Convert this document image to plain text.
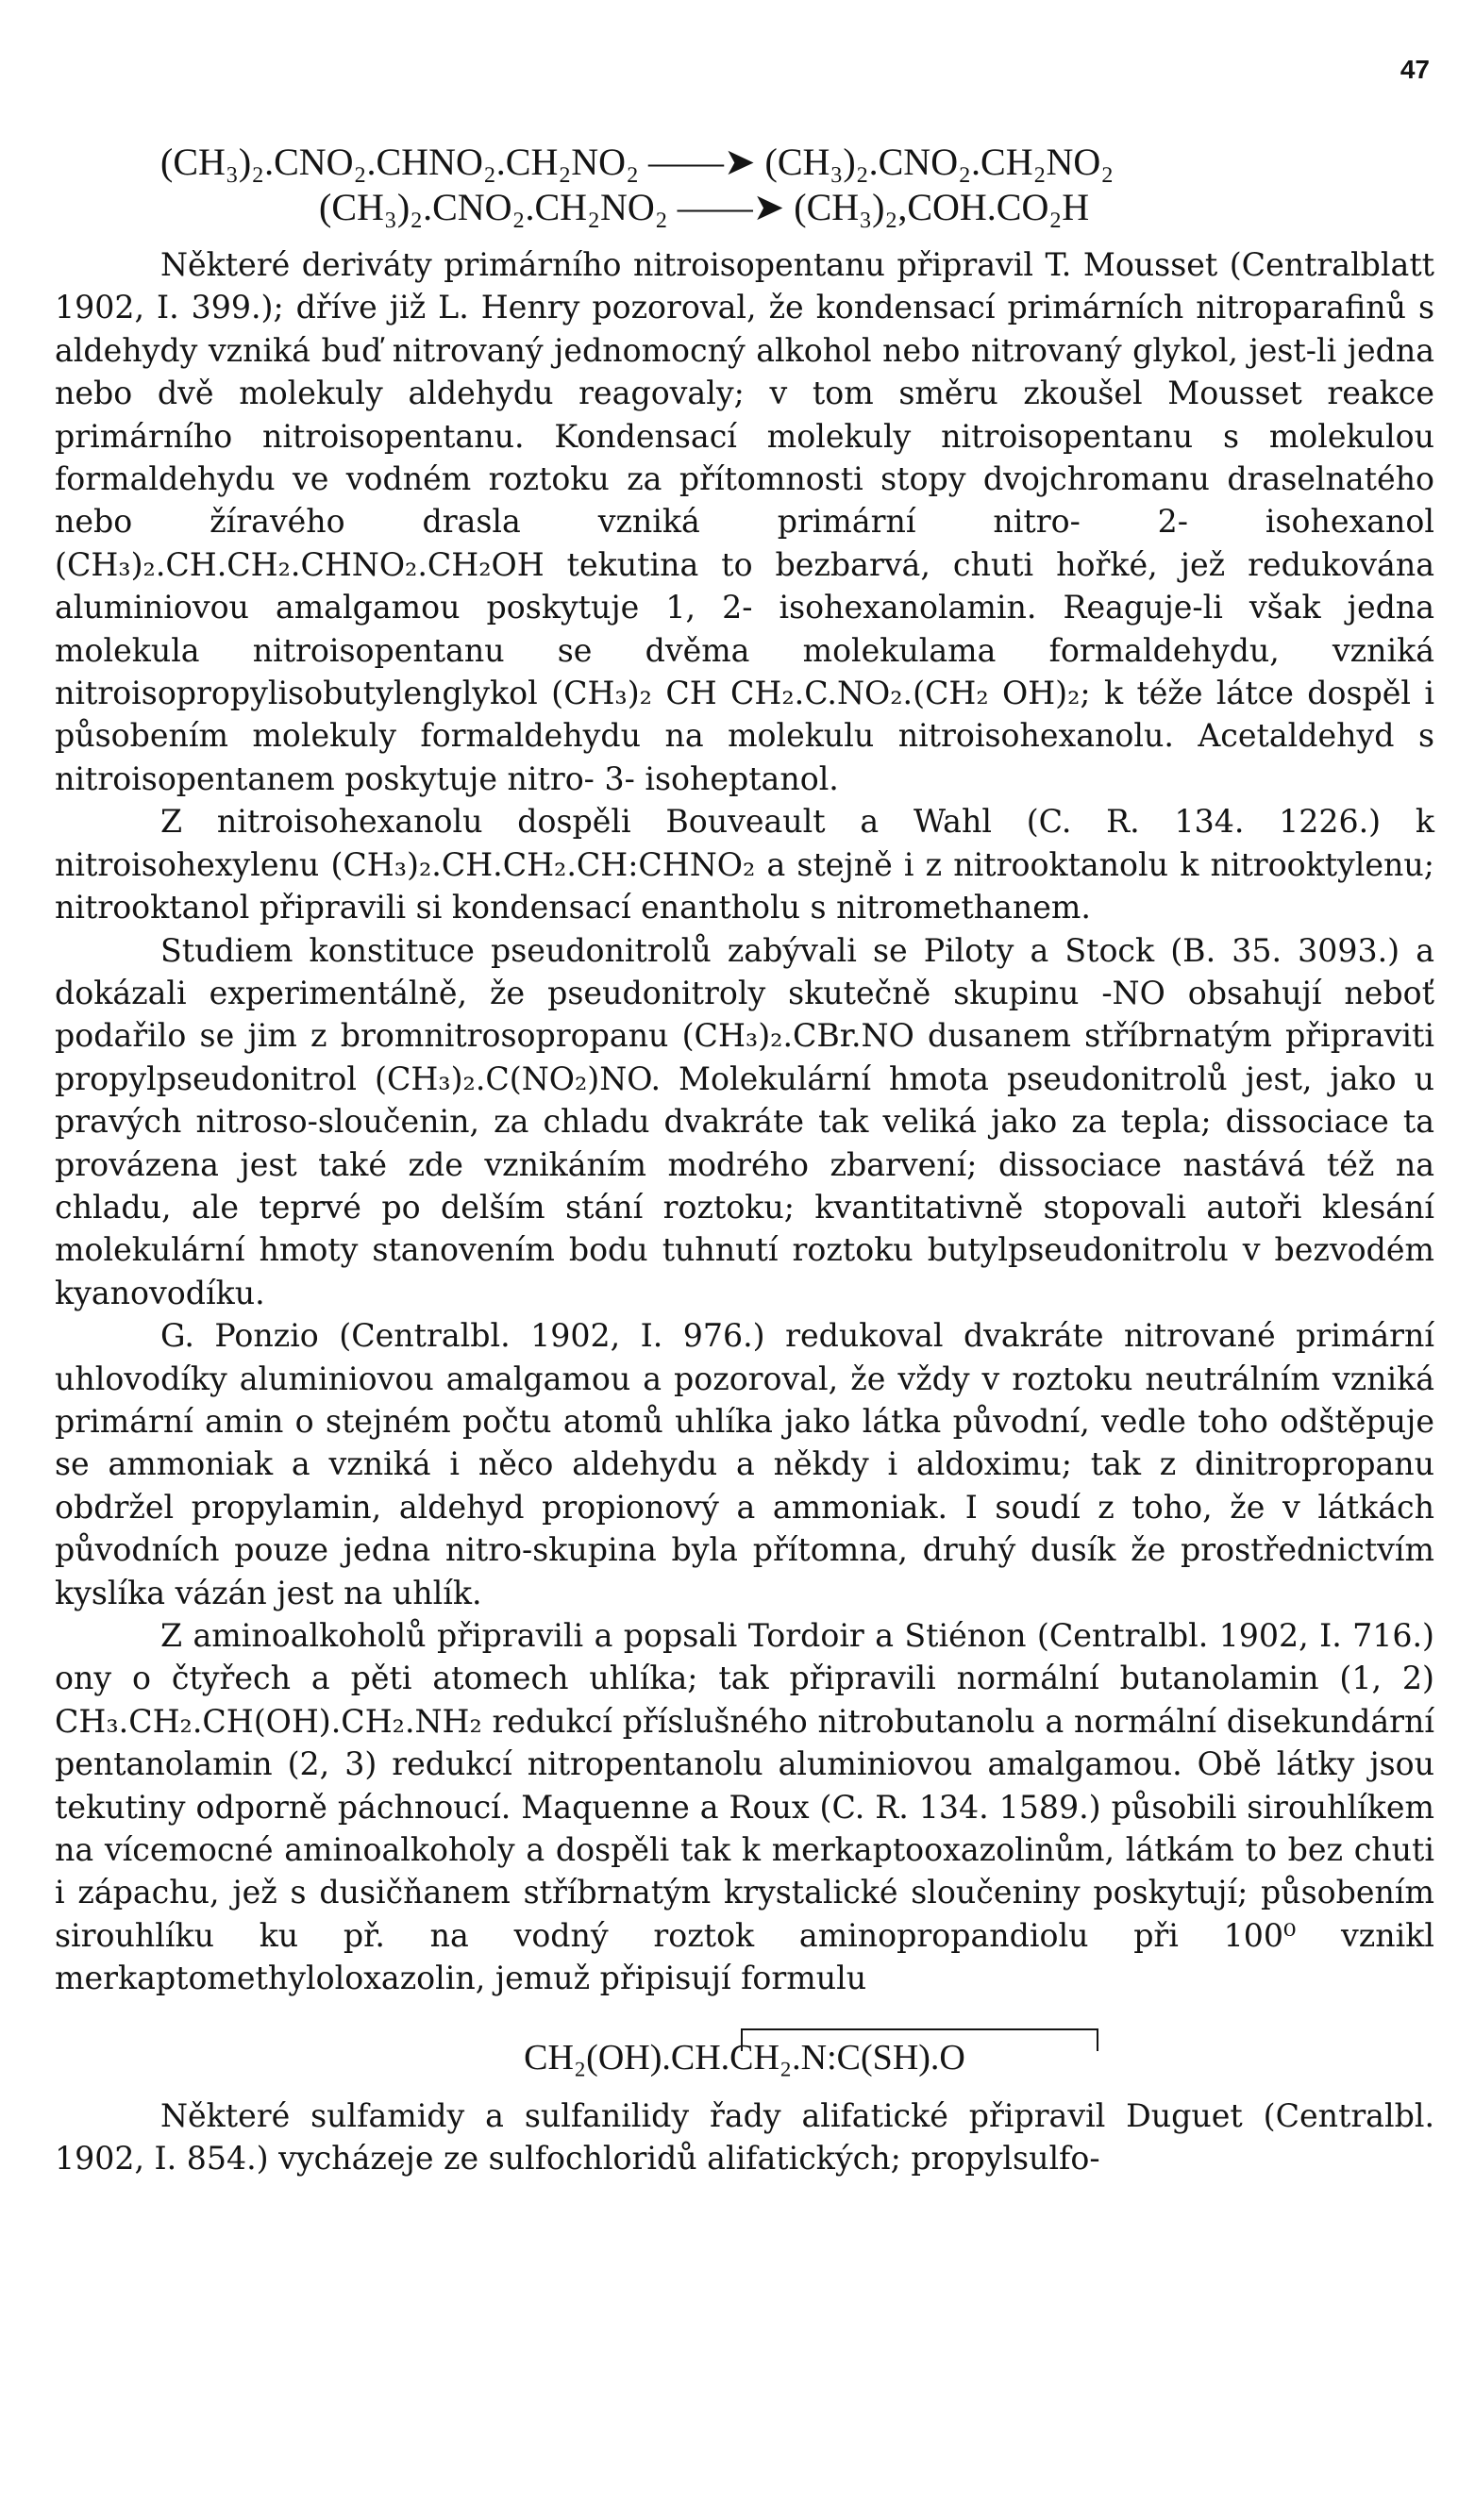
47
(CH₃)₂.CNO₂.CHNO₂.CH₂NO₂ ——➤ (CH₃)₂.CNO₂.CH₂NO₂
(CH₃)₂.CNO₂.CH₂NO₂ ——➤ (CH₃)₂,COH.CO₂H

Některé deriváty primárního nitroisopentanu připravil T. Mousset (Centralblatt 1902, I. 399.); dříve již L. Henry pozoroval, že kondensací primárních nitroparafinů s aldehydy vzniká buď nitrovaný jednomocný alkohol nebo nitrovaný glykol, jest-li jedna nebo dvě molekuly aldehydu reagovaly; v tom směru zkoušel Mousset reakce primárního nitroisopentanu. Kondensací molekuly nitroisopentanu s molekulou formaldehydu ve vodném roztoku za přítomnosti stopy dvojchromanu draselnatého nebo žíravého drasla vzniká primární nitro- 2- isohexanol (CH₃)₂.CH.CH₂.CHNO₂.CH₂OH tekutina to bezbarvá, chuti hořké, jež redukována aluminiovou amalgamou poskytuje 1, 2- isohexanolamin. Reaguje-li však jedna molekula nitroisopentanu se dvěma molekulama formaldehydu, vzniká nitroisopropylisobutylenglykol (CH₃)₂ CH CH₂.C.NO₂.(CH₂ OH)₂; k téže látce dospěl i působením molekuly formaldehydu na molekulu nitroisohexanolu. Acetaldehyd s nitroisopentanem poskytuje nitro- 3- isoheptanol.

Z nitroisohexanolu dospěli Bouveault a Wahl (C. R. 134. 1226.) k nitroisohexylenu (CH₃)₂.CH.CH₂.CH:CHNO₂ a stejně i z nitrooktanolu k nitrooktylenu; nitrooktanol připravili si kondensací enantholu s nitromethanem.

Studiem konstituce pseudonitrolů zabývali se Piloty a Stock (B. 35. 3093.) a dokázali experimentálně, že pseudonitroly skutečně skupinu -NO obsahují neboť podařilo se jim z bromnitrosopropanu (CH₃)₂.CBr.NO dusanem stříbrnatým připraviti propylpseudonitrol (CH₃)₂.C(NO₂)NO. Molekulární hmota pseudonitrolů jest, jako u pravých nitroso-sloučenin, za chladu dvakráte tak veliká jako za tepla; dissociace ta provázena jest také zde vznikáním modrého zbarvení; dissociace nastává též na chladu, ale teprvé po delším stání roztoku; kvantitativně stopovali autoři klesání molekulární hmoty stanovením bodu tuhnutí roztoku butylpseudonitrolu v bezvodém kyanovodíku.

G. Ponzio (Centralbl. 1902, I. 976.) redukoval dvakráte nitrované primární uhlovodíky aluminiovou amalgamou a pozoroval, že vždy v roztoku neutrálním vzniká primární amin o stejném počtu atomů uhlíka jako látka původní, vedle toho odštěpuje se ammoniak a vzniká i něco aldehydu a někdy i aldoximu; tak z dinitropropanu obdržel propylamin, aldehyd propionový a ammoniak. I soudí z toho, že v látkách původních pouze jedna nitro-skupina byla přítomna, druhý dusík že prostřednictvím kyslíka vázán jest na uhlík.

Z aminoalkoholů připravili a popsali Tordoir a Stiénon (Centralbl. 1902, I. 716.) ony o čtyřech a pěti atomech uhlíka; tak připravili normální butanolamin (1, 2) CH₃.CH₂.CH(OH).CH₂.NH₂ redukcí příslušného nitrobutanolu a normální disekundární pentanolamin (2, 3) redukcí nitropentanolu aluminiovou amalgamou. Obě látky jsou tekutiny odporně páchnoucí. Maquenne a Roux (C. R. 134. 1589.) působili sirouhlíkem na vícemocné aminoalkoholy a dospěli tak k merkaptooxazolinům, látkám to bez chuti i zápachu, jež s dusičňanem stříbrnatým krystalické sloučeniny poskytují; působením sirouhlíku ku př. na vodný roztok aminopropandiolu při 100⁰ vznikl merkaptomethyloloxazolin, jemuž připisují formulu

CH₂(OH).CH.CH₂.N:C(SH).O

Některé sulfamidy a sulfanilidy řady alifatické připravil Duguet (Centralbl. 1902, I. 854.) vycházeje ze sulfochloridů alifatických; propylsulfo-
